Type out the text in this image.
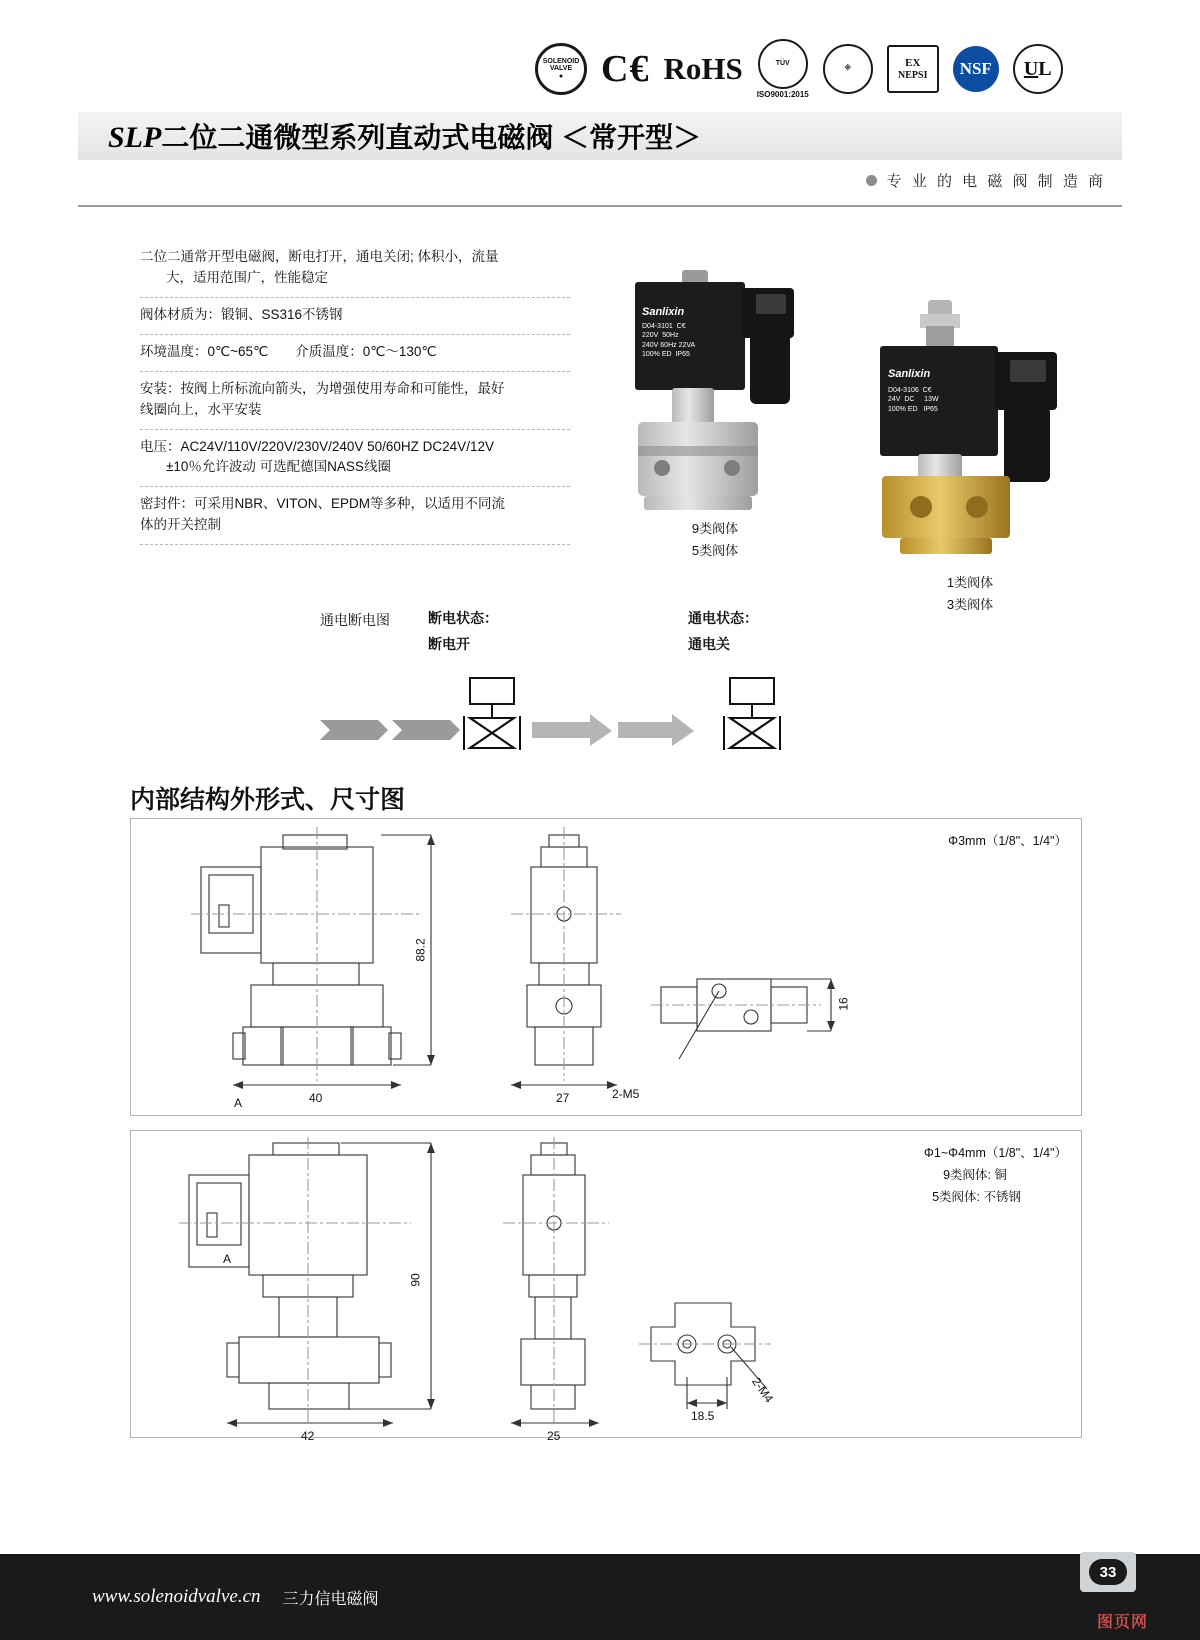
SOLENOID
VALVE
● C€ RoHS	TÜV
ISO9001:2015
※	EX
NEPSI	NSF	U L
SLP二位二通微型系列直动式电磁阀 ＜常开型＞
专 业 的 电 磁 阀 制 造 商
二位二通常开型电磁阀，断电打开，通电关闭; 体积小，流量
大，适用范围广，性能稳定
阀体材质为：锻铜、SS316不锈钢
环境温度：0℃~65℃　　介质温度：0℃～130℃
安装：按阀上所标流向箭头，为增强使用寿命和可能性，最好
线圈向上，水平安装
电压：AC24V/110V/220V/230V/240V 50/60HZ DC24V/12V
±10％允许波动 可选配德国NASS线圈
密封件：可采用NBR、VITON、EPDM等多种，以适用不同流
体的开关控制
Sanlixin
D04-3101  C€
220V  50Hz
240V 60Hz 22VA
100% ED  IP65
9类阀体
5类阀体
Sanlixin
D04-3106  C€
24V  DC     13W
100% ED   IP65
1类阀体
3类阀体
通电断电图	断电状态：
断电开
通电状态：
通电关
内部结构外形式、尺寸图
Φ3mm（1/8"、1/4"）
A
88.2
40	27
16
2-M5
Φ1~Φ4mm（1/8"、1/4"）
9类阀体: 铜
5类阀体: 不锈钢
A
90
42	25
18.5
2-M4
www.solenoidvalve.cn 三力信电磁阀
33
图页网
